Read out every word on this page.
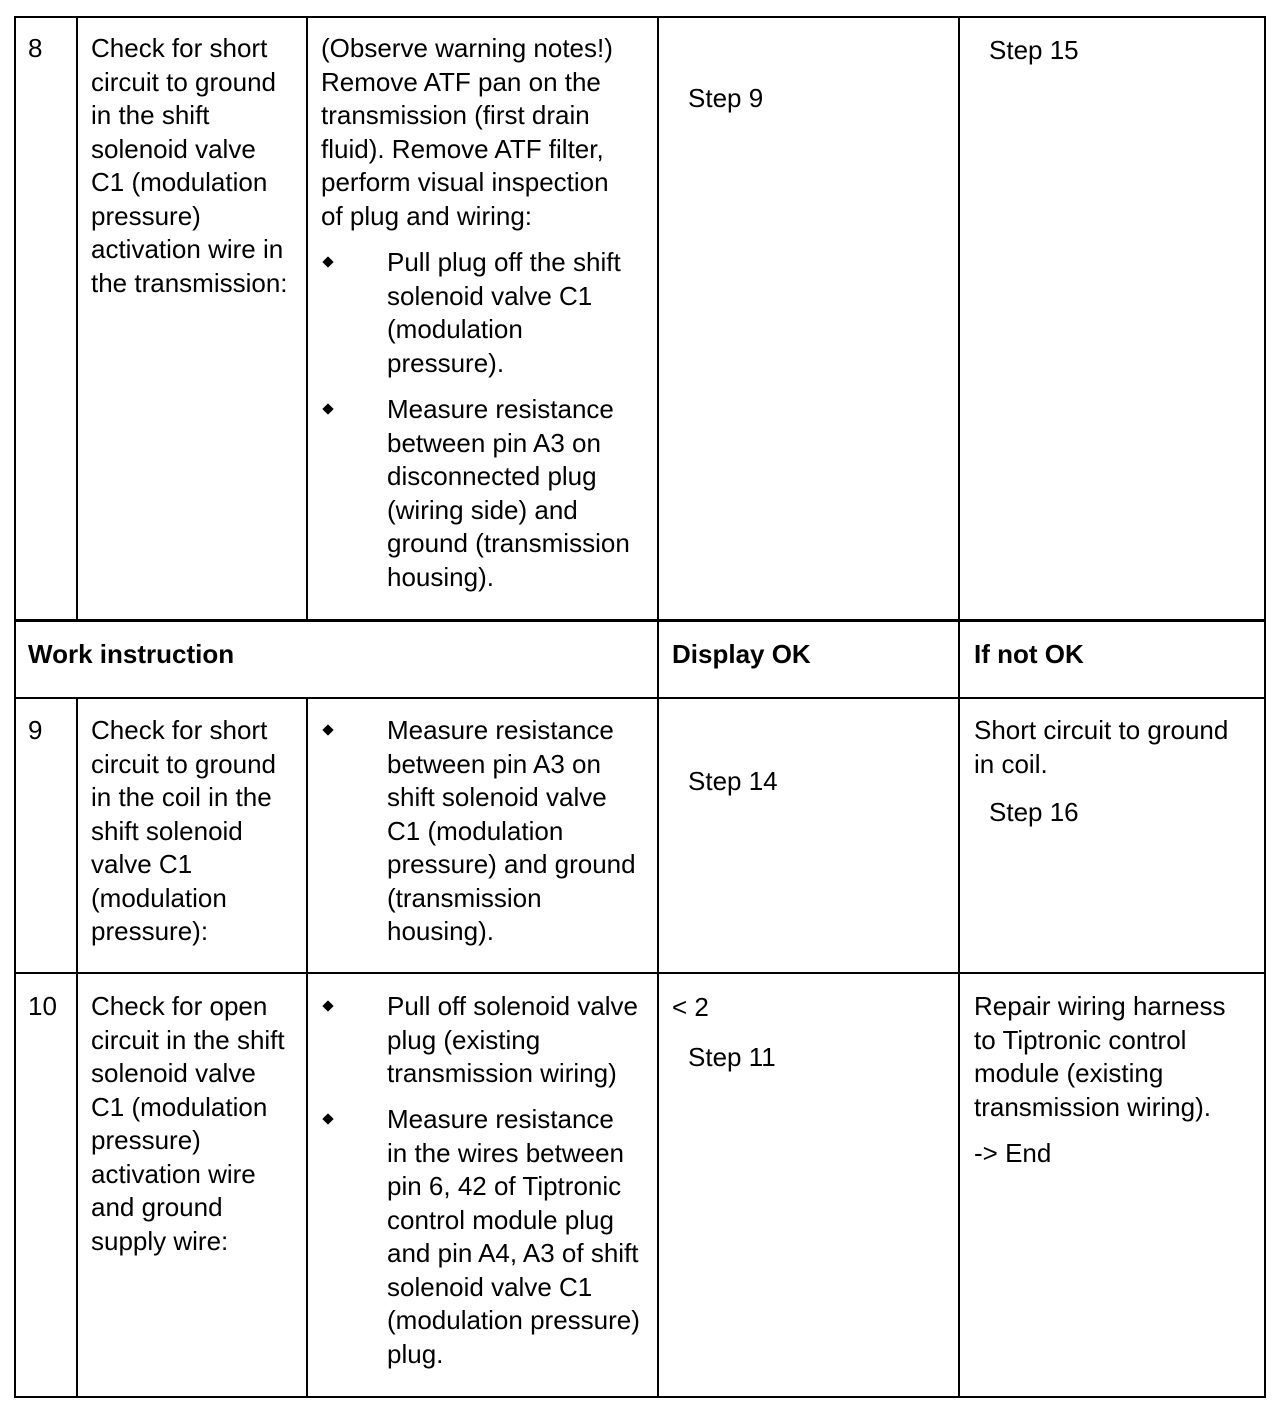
8 Check for short

circuit to ground

in the shift

solenoid valve

C1 (modulation

pressure)

activation wire in

the transmission:

(Observe warning notes!)

Remove ATF pan on the

transmission (first drain

fluid). Remove ATF filter,

perform visual inspection

of plug and wiring:

Pull plug off the shift

solenoid valve C1

(modulation

pressure).

Measure resistance

between pin A3 on

disconnected plug

(wiring side) and

ground (transmission

housing).

Step 9
Step 15
Work instruction	Display OK	If not OK
9 Check for short

circuit to ground

in the coil in the

shift solenoid

valve C1

(modulation

pressure):

Measure resistance

between pin A3 on

shift solenoid valve

C1 (modulation

pressure) and ground

(transmission

housing).

Step 14

Short circuit to ground

in coil.

Step 16
10 Check for open

circuit in the shift

solenoid valve

C1 (modulation

pressure)

activation wire

and ground

supply wire:

Pull off solenoid valve

plug (existing

transmission wiring)

Measure resistance

in the wires between

pin 6, 42 of Tiptronic

control module plug

and pin A4, A3 of shift

solenoid valve C1

(modulation pressure)

plug.

< 2
Step 11

Repair wiring harness

to Tiptronic control

module (existing

transmission wiring).

-> End
